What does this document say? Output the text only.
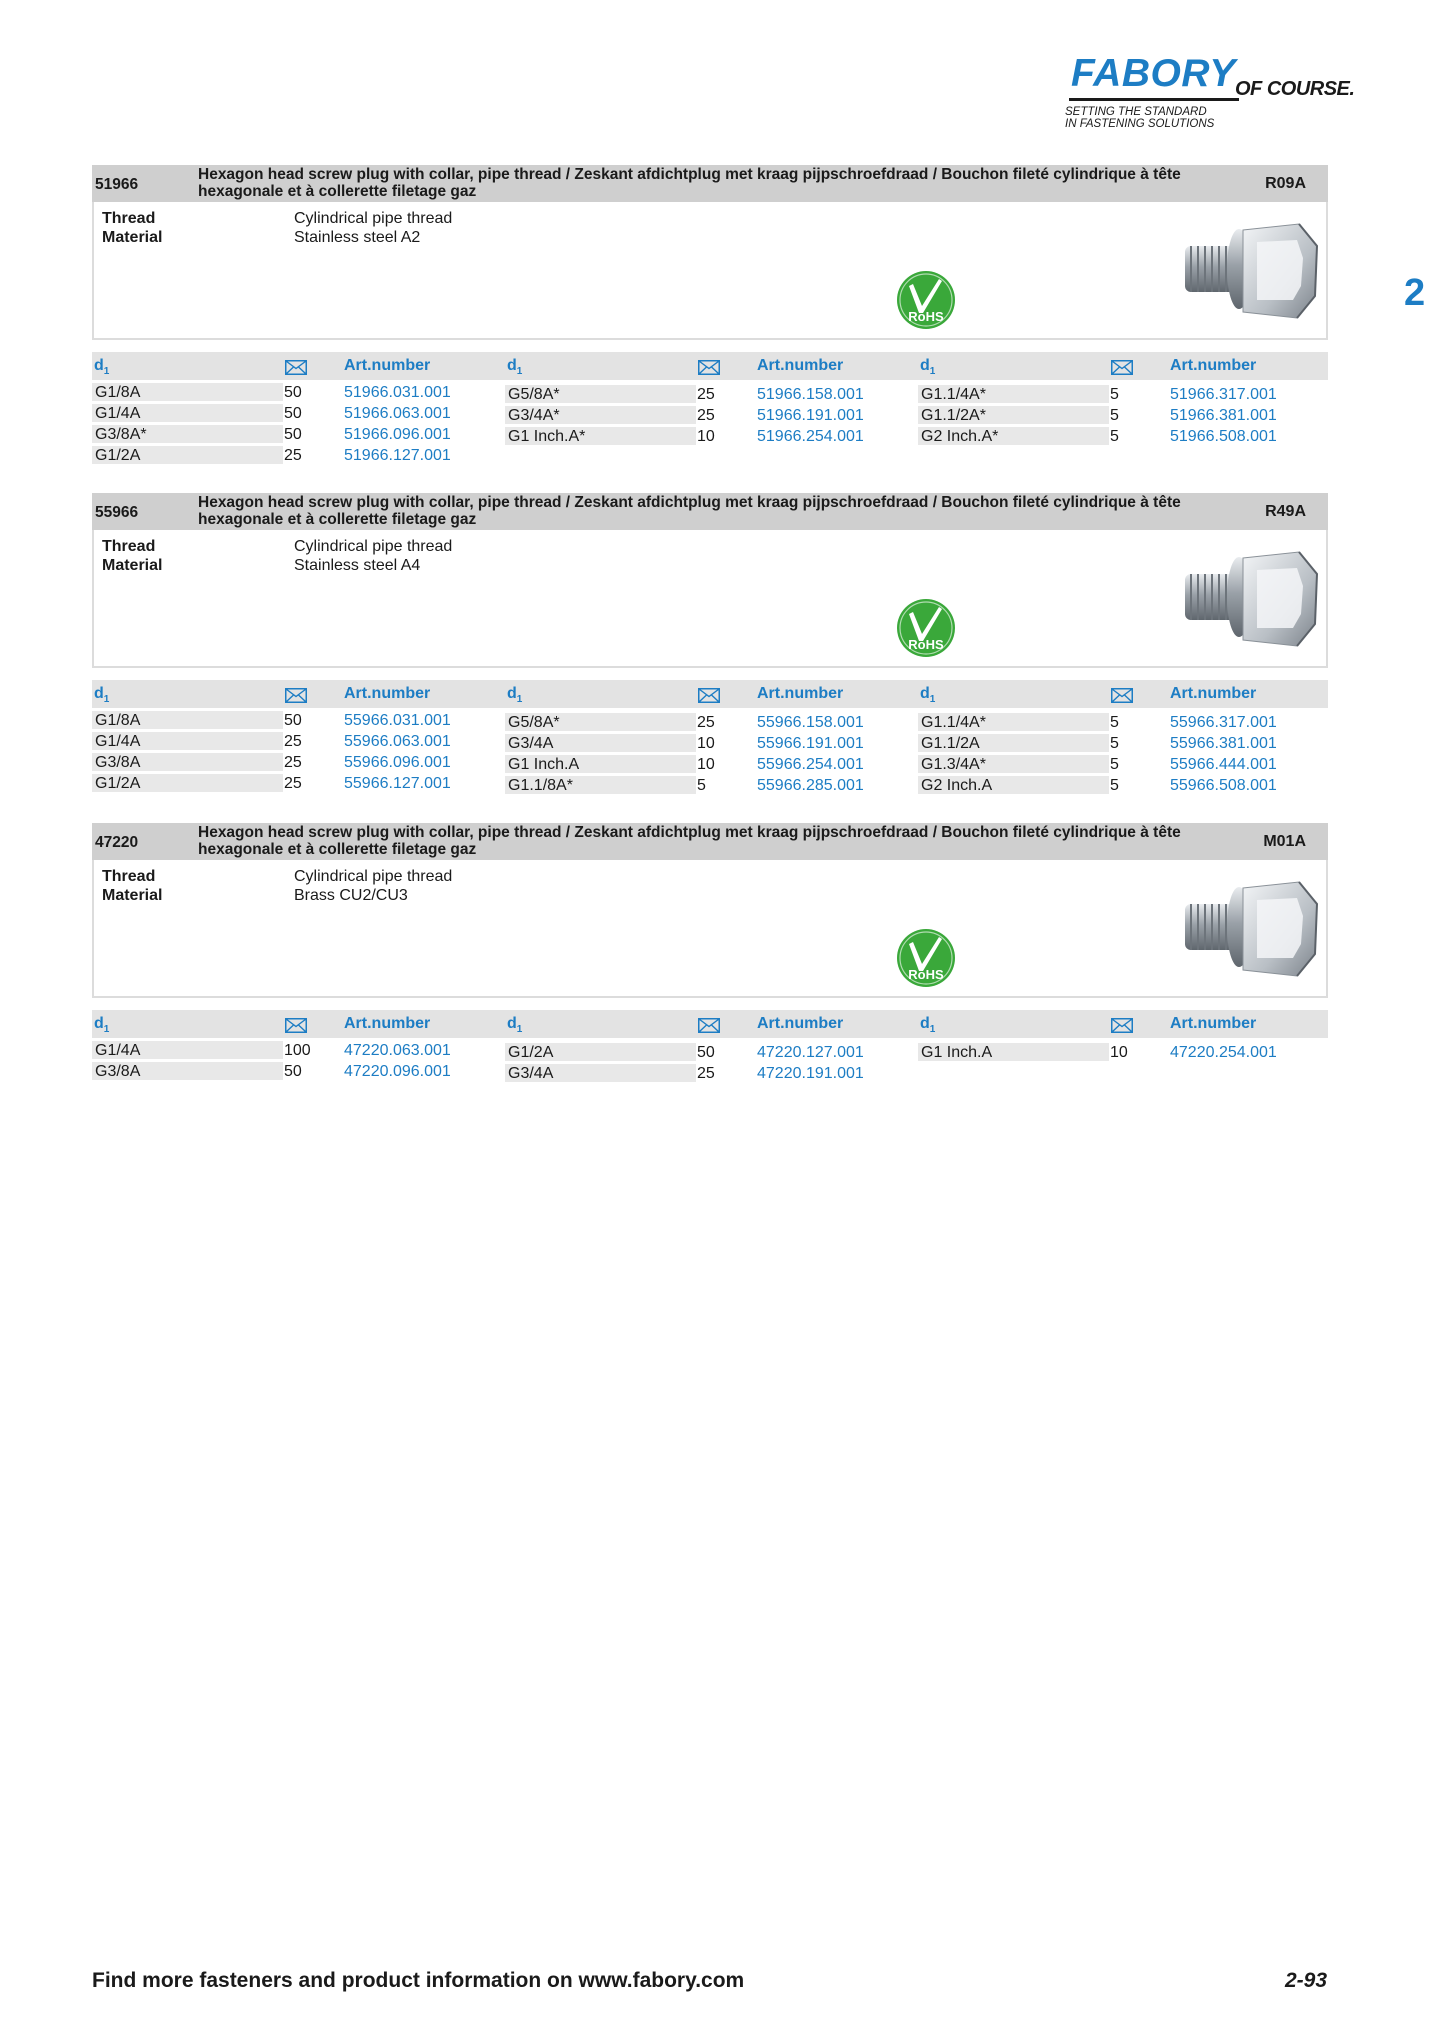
FABORY OF COURSE.
SETTING THE STANDARD
IN FASTENING SOLUTIONS
2
51966
Hexagon head screw plug with collar, pipe thread / Zeskant afdichtplug met kraag pijpschroefdraad / Bouchon fileté cylindrique à tête hexagonale et à collerette filetage gaz	R09A
Thread	Cylindrical pipe thread
Material	Stainless steel A2
RoHS
$d_1$	Art.number	$d_1$	Art.number	$d_1$	Art.number
G1/8A	50	51966.031.001
G1/4A	50	51966.063.001
G3/8A*	50	51966.096.001
G1/2A	25	51966.127.001
G5/8A*	25	51966.158.001
G3/4A*	25	51966.191.001
G1 Inch.A*	10	51966.254.001
G1.1/4A*	5	51966.317.001
G1.1/2A*	5	51966.381.001
G2 Inch.A*	5	51966.508.001
55966
Hexagon head screw plug with collar, pipe thread / Zeskant afdichtplug met kraag pijpschroefdraad / Bouchon fileté cylindrique à tête hexagonale et à collerette filetage gaz	R49A
Thread	Cylindrical pipe thread
Material	Stainless steel A4
RoHS
$d_1$	Art.number	$d_1$	Art.number	$d_1$	Art.number
G1/8A	50	55966.031.001
G1/4A	25	55966.063.001
G3/8A	25	55966.096.001
G1/2A	25	55966.127.001
G5/8A*	25	55966.158.001
G3/4A	10	55966.191.001
G1 Inch.A	10	55966.254.001
G1.1/8A*	5	55966.285.001
G1.1/4A*	5	55966.317.001
G1.1/2A	5	55966.381.001
G1.3/4A*	5	55966.444.001
G2 Inch.A	5	55966.508.001
47220
Hexagon head screw plug with collar, pipe thread / Zeskant afdichtplug met kraag pijpschroefdraad / Bouchon fileté cylindrique à tête hexagonale et à collerette filetage gaz	M01A
Thread	Cylindrical pipe thread
Material	Brass CU2/CU3
RoHS
$d_1$	Art.number	$d_1$	Art.number	$d_1$	Art.number
G1/4A	100 47220.063.001
G3/8A	50	47220.096.001
G1/2A	50	47220.127.001
G3/4A	25	47220.191.001
G1 Inch.A	10	47220.254.001
Find more fasteners and product information on www.fabory.com	2-93
